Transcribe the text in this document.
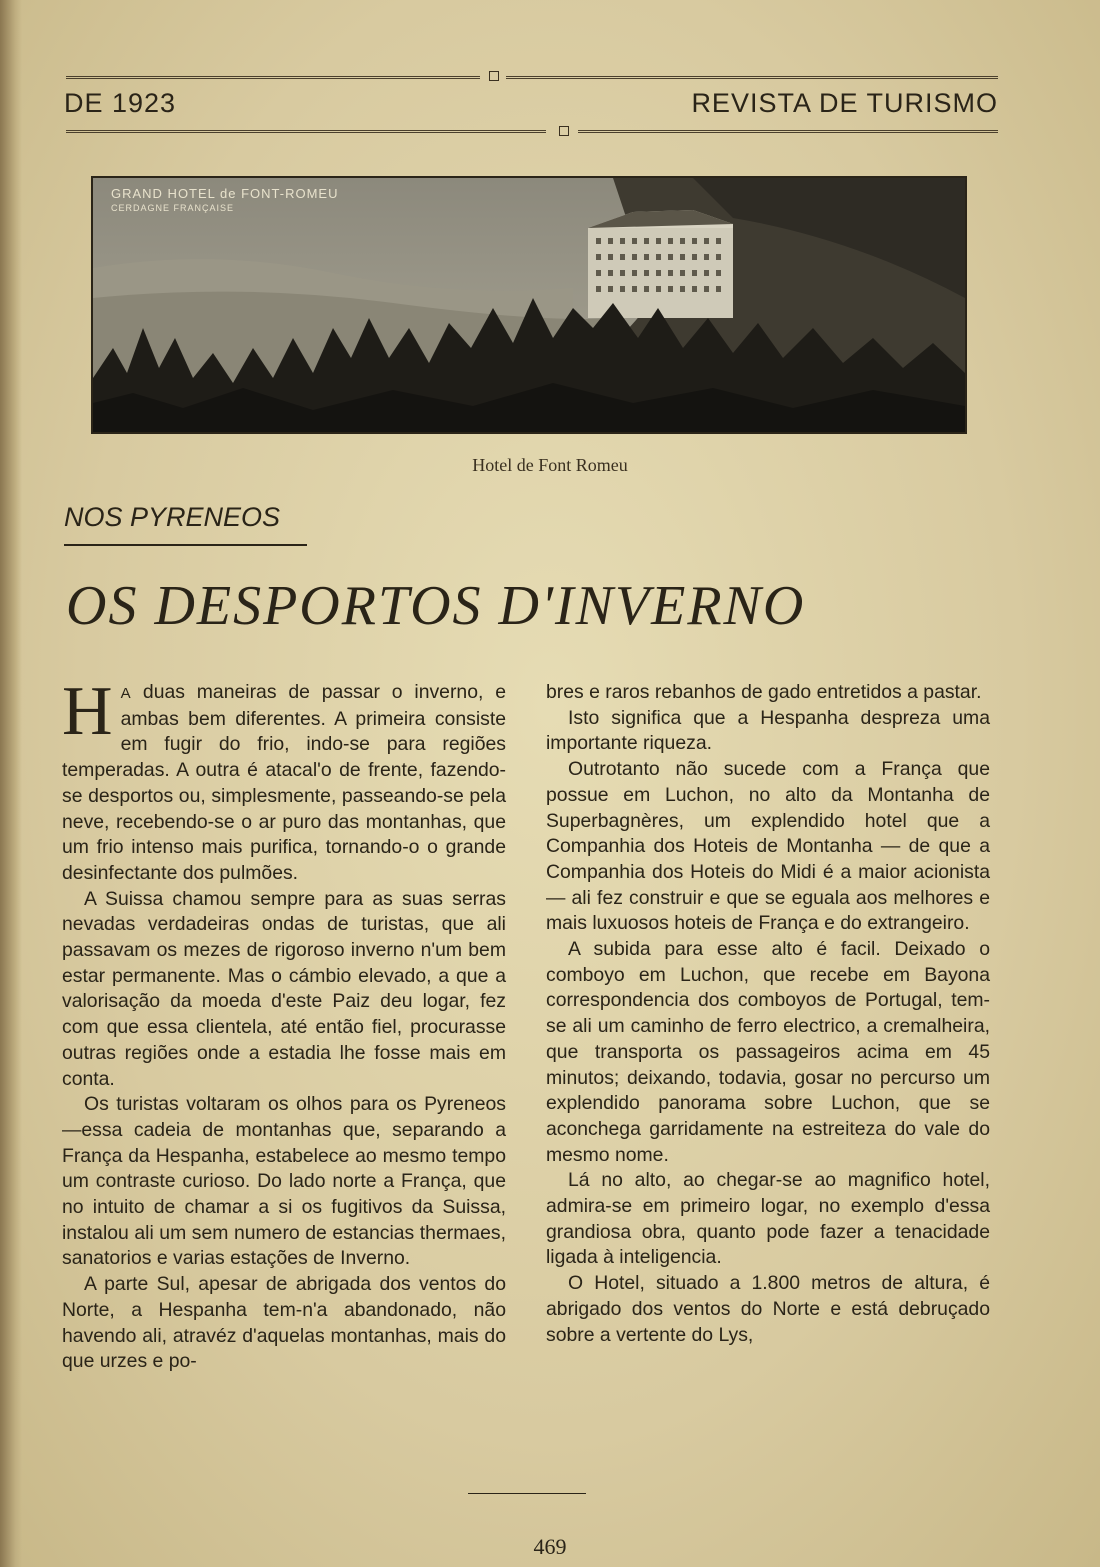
DE 1923	REVISTA DE TURISMO
GRAND HOTEL de FONT-ROMEU
CERDAGNE FRANÇAISE
Hotel de Font Romeu
NOS PYRENEOS
OS DESPORTOS D'INVERNO

H A duas maneiras de passar o inverno, e ambas bem diferentes. A primeira consiste em fugir do frio, indo-se para regiões temperadas. A outra é atacal'o de frente, fazendo-se desportos ou, simplesmente, passeando-se pela neve, recebendo-se o ar puro das montanhas, que um frio intenso mais purifica, tornando-o o grande desinfectante dos pulmões.

A Suissa chamou sempre para as suas serras nevadas verdadeiras ondas de turistas, que ali passavam os mezes de rigoroso inverno n'um bem estar permanente. Mas o cámbio elevado, a que a valorisação da moeda d'este Paiz deu logar, fez com que essa clientela, até então fiel, procurasse outras regiões onde a estadia lhe fosse mais em conta.

Os turistas voltaram os olhos para os Pyreneos—essa cadeia de montanhas que, separando a França da Hespanha, estabelece ao mesmo tempo um contraste curioso. Do lado norte a França, que no intuito de chamar a si os fugitivos da Suissa, instalou ali um sem numero de estancias thermaes, sanatorios e varias estações de Inverno.

A parte Sul, apesar de abrigada dos ventos do Norte, a Hespanha tem-n'a abandonado, não havendo ali, atravéz d'aquelas montanhas, mais do que urzes e po-

bres e raros rebanhos de gado entretidos a pastar.

Isto significa que a Hespanha despreza uma importante riqueza.

Outrotanto não sucede com a França que possue em Luchon, no alto da Montanha de Superbagnères, um explendido hotel que a Companhia dos Hoteis de Montanha — de que a Companhia dos Hoteis do Midi é a maior acionista — ali fez construir e que se eguala aos melhores e mais luxuosos hoteis de França e do extrangeiro.

A subida para esse alto é facil. Deixado o comboyo em Luchon, que recebe em Bayona correspondencia dos comboyos de Portugal, tem-se ali um caminho de ferro electrico, a cremalheira, que transporta os passageiros acima em 45 minutos; deixando, todavia, gosar no percurso um explendido panorama sobre Luchon, que se aconchega garridamente na estreiteza do vale do mesmo nome.

Lá no alto, ao chegar-se ao magnifico hotel, admira-se em primeiro logar, no exemplo d'essa grandiosa obra, quanto pode fazer a tenacidade ligada à inteligencia.

O Hotel, situado a 1.800 metros de altura, é abrigado dos ventos do Norte e está debruçado sobre a vertente do Lys,

469
